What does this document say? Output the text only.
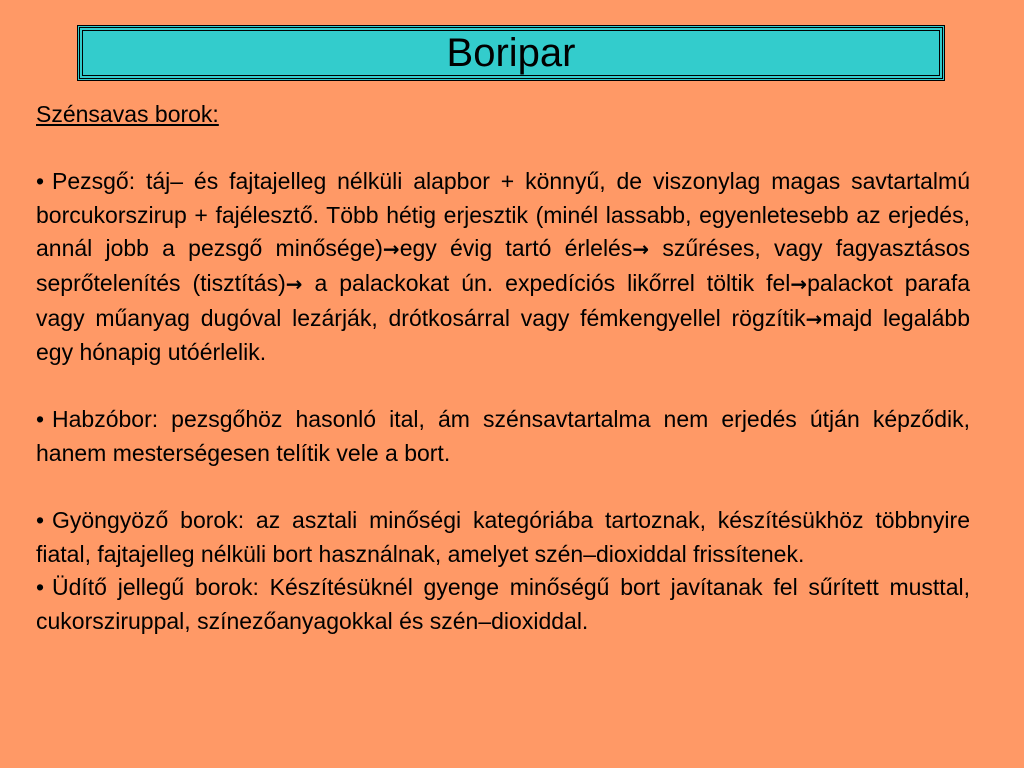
Boripar

Szénsavas borok:

• Pezsgő: táj– és fajtajelleg nélküli alapbor + könnyű, de viszonylag magas savtartalmú borcukorszirup + fajélesztő. Több hétig erjesztik (minél lassabb, egyenletesebb az erjedés, annál jobb a pezsgő minősége)→egy évig tartó érlelés→ szűréses, vagy fagyasztásos seprőtelenítés (tisztítás)→ a palackokat ún. expedíciós likőrrel töltik fel→palackot parafa vagy műanyag dugóval lezárják, drótkosárral vagy fémkengyellel rögzítik→majd legalább egy hónapig utóérlelik.

• Habzóbor: pezsgőhöz hasonló ital, ám szénsavtartalma nem erjedés útján képződik, hanem mesterségesen telítik vele a bort.

• Gyöngyöző borok: az asztali minőségi kategóriába tartoznak, készítésükhöz többnyire fiatal, fajtajelleg nélküli bort használnak, amelyet szén–dioxiddal frissítenek.

• Üdítő jellegű borok: Készítésüknél gyenge minőségű bort javítanak fel sűrített musttal, cukorsziruppal, színezőanyagokkal és szén–dioxiddal.
